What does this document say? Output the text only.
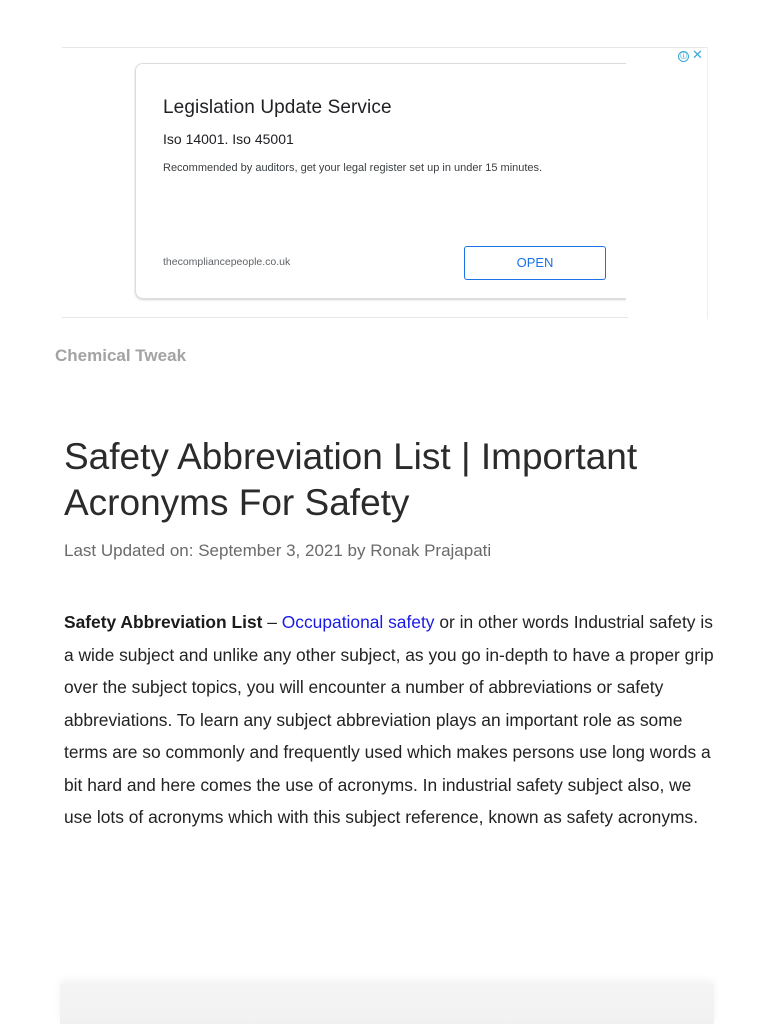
ⓘ ✕
Legislation Update Service
Iso 14001. Iso 45001
Recommended by auditors, get your legal register set up in under 15 minutes.
thecompliancepeople.co.uk	OPEN
Chemical Tweak
Safety Abbreviation List | Important Acronyms For Safety
Last Updated on: September 3, 2021 by Ronak Prajapati

Safety Abbreviation List – Occupational safety or in other words Industrial safety is a wide subject and unlike any other subject, as you go in-depth to have a proper grip over the subject topics, you will encounter a number of abbreviations or safety abbreviations. To learn any subject abbreviation plays an important role as some terms are so commonly and frequently used which makes persons use long words a bit hard and here comes the use of acronyms. In industrial safety subject also, we use lots of acronyms which with this subject reference, known as safety acronyms.
